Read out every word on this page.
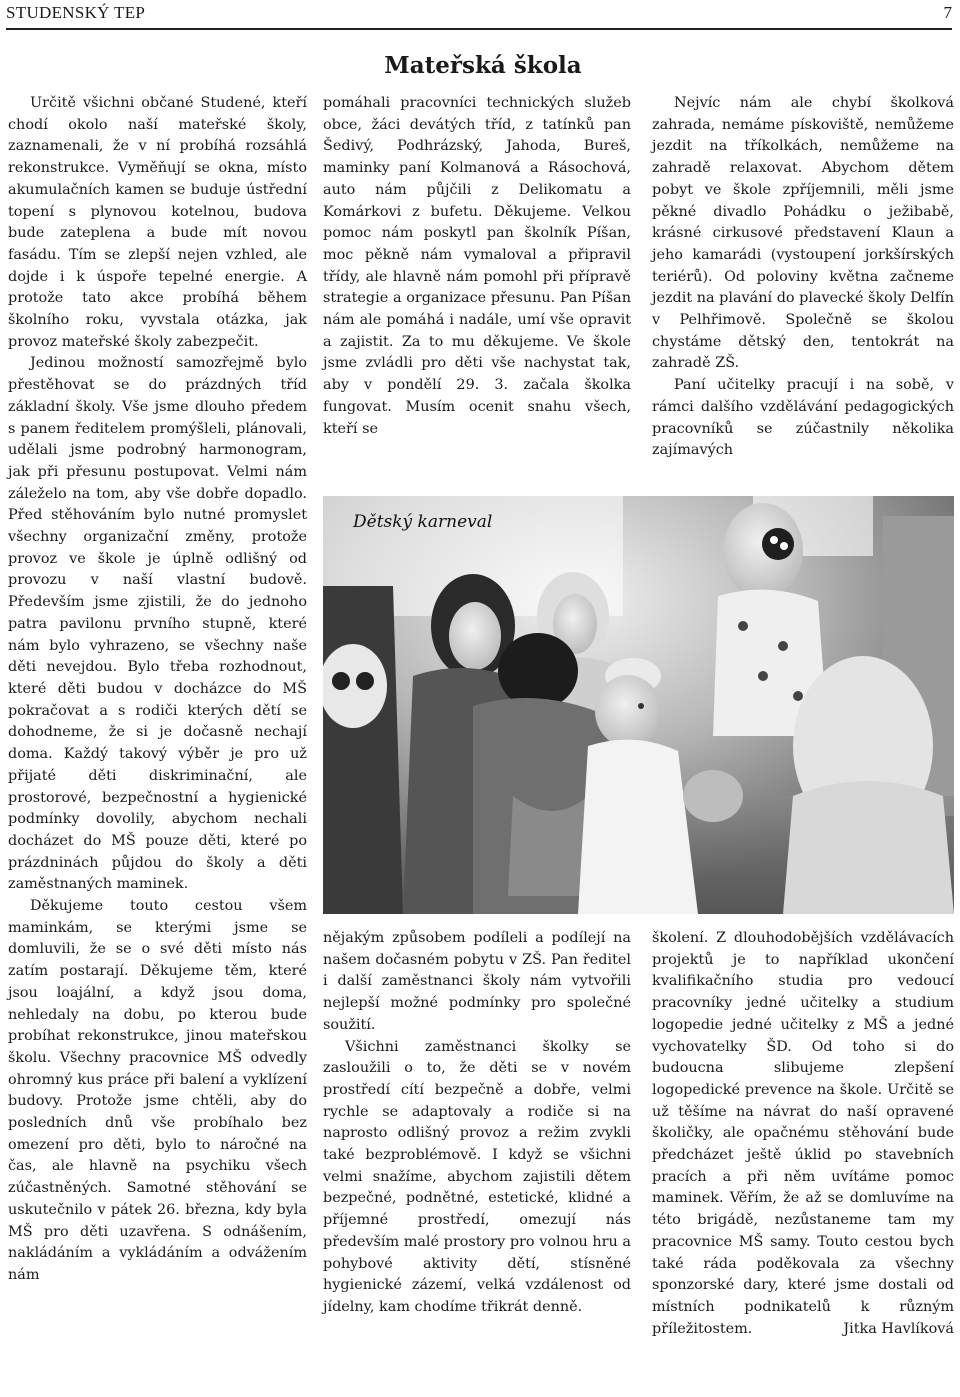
STUDENSKÝ TEP	7
Mateřská škola

Určitě všichni občané Studené, kteří chodí okolo naší mateřské školy, zaznamenali, že v ní probíhá rozsáhlá rekonstrukce. Vyměňují se okna, místo akumulačních kamen se buduje ústřední topení s plynovou kotelnou, budova bude zateplena a bude mít novou fasádu. Tím se zlepší nejen vzhled, ale dojde i k úspoře tepelné energie. A protože tato akce probíhá během školního roku, vyvstala otázka, jak provoz mateřské školy zabezpečit.

Jedinou možností samozřejmě bylo přestěhovat se do prázdných tříd základní školy. Vše jsme dlouho předem s panem ředitelem promýšleli, plánovali, udělali jsme podrobný harmonogram, jak při přesunu postupovat. Velmi nám záleželo na tom, aby vše dobře dopadlo. Před stěhováním bylo nutné promyslet všechny organizační změny, protože provoz ve škole je úplně odlišný od provozu v naší vlastní budově. Především jsme zjistili, že do jednoho patra pavilonu prvního stupně, které nám bylo vyhrazeno, se všechny naše děti nevejdou. Bylo třeba rozhodnout, které děti budou v docházce do MŠ pokračovat a s rodiči kterých dětí se dohodneme, že si je dočasně nechají doma. Každý takový výběr je pro už přijaté děti diskriminační, ale prostorové, bezpečnostní a hygienické podmínky dovolily, abychom nechali docházet do MŠ pouze děti, které po prázdninách půjdou do školy a děti zaměstnaných maminek.

Děkujeme touto cestou všem maminkám, se kterými jsme se domluvili, že se o své děti místo nás zatím postarají. Děkujeme těm, které jsou loajální, a když jsou doma, nehledaly na dobu, po kterou bude probíhat rekonstrukce, jinou mateřskou školu. Všechny pracovnice MŠ odvedly ohromný kus práce při balení a vyklízení budovy. Protože jsme chtěli, aby do posledních dnů vše probíhalo bez omezení pro děti, bylo to náročné na čas, ale hlavně na psychiku všech zúčastněných. Samotné stěhování se uskutečnilo v pátek 26. března, kdy byla MŠ pro děti uzavřena. S odnášením, nakládáním a vykládáním a odvážením nám

pomáhali pracovníci technických služeb obce, žáci devátých tříd, z tatínků pan Šedivý, Podhrázský, Jahoda, Bureš, maminky paní Kolmanová a Rásochová, auto nám půjčili z Delikomatu a Komárkovi z bufetu. Děkujeme. Velkou pomoc nám poskytl pan školník Píšan, moc pěkně nám vymaloval a připravil třídy, ale hlavně nám pomohl při přípravě strategie a organizace přesunu. Pan Píšan nám ale pomáhá i nadále, umí vše opravit a zajistit. Za to mu děkujeme. Ve škole jsme zvládli pro děti vše nachystat tak, aby v pondělí 29. 3. začala školka fungovat. Musím ocenit snahu všech, kteří se

Nejvíc nám ale chybí školková zahrada, nemáme pískoviště, nemůžeme jezdit na tříkolkách, nemůžeme na zahradě relaxovat. Abychom dětem pobyt ve škole zpříjemnili, měli jsme pěkné divadlo Pohádku o ježibabě, krásné cirkusové představení Klaun a jeho kamarádi (vystoupení jorkšírských teriérů). Od poloviny května začneme jezdit na plavání do plavecké školy Delfín v Pelhřimově. Společně se školou chystáme dětský den, tentokrát na zahradě ZŠ.

Paní učitelky pracují i na sobě, v rámci dalšího vzdělávání pedagogických pracovníků se zúčastnily několika zajímavých

Dětský karneval

nějakým způsobem podíleli a podílejí na našem dočasném pobytu v ZŠ. Pan ředitel i další zaměstnanci školy nám vytvořili nejlepší možné podmínky pro společné soužití.

Všichni zaměstnanci školky se zasloužili o to, že děti se v novém prostředí cítí bezpečně a dobře, velmi rychle se adaptovaly a rodiče si na naprosto odlišný provoz a režim zvykli také bezproblémově. I když se všichni velmi snažíme, abychom zajistili dětem bezpečné, podnětné, estetické, klidné a příjemné prostředí, omezují nás především malé prostory pro volnou hru a pohybové aktivity dětí, stísněné hygienické zázemí, velká vzdálenost od jídelny, kam chodíme třikrát denně.

školení. Z dlouhodobějších vzdělávacích projektů je to například ukončení kvalifikačního studia pro vedoucí pracovníky jedné učitelky a studium logopedie jedné učitelky z MŠ a jedné vychovatelky ŠD. Od toho si do budoucna slibujeme zlepšení logopedické prevence na škole. Určitě se už těšíme na návrat do naší opravené školičky, ale opačnému stěhování bude předcházet ještě úklid po stavebních pracích a při něm uvítáme pomoc maminek. Věřím, že až se domluvíme na této brigádě, nezůstaneme tam my pracovnice MŠ samy. Touto cestou bych také ráda poděkovala za všechny sponzorské dary, které jsme dostali od místních podnikatelů k různým příležitostem.	Jitka Havlíková
